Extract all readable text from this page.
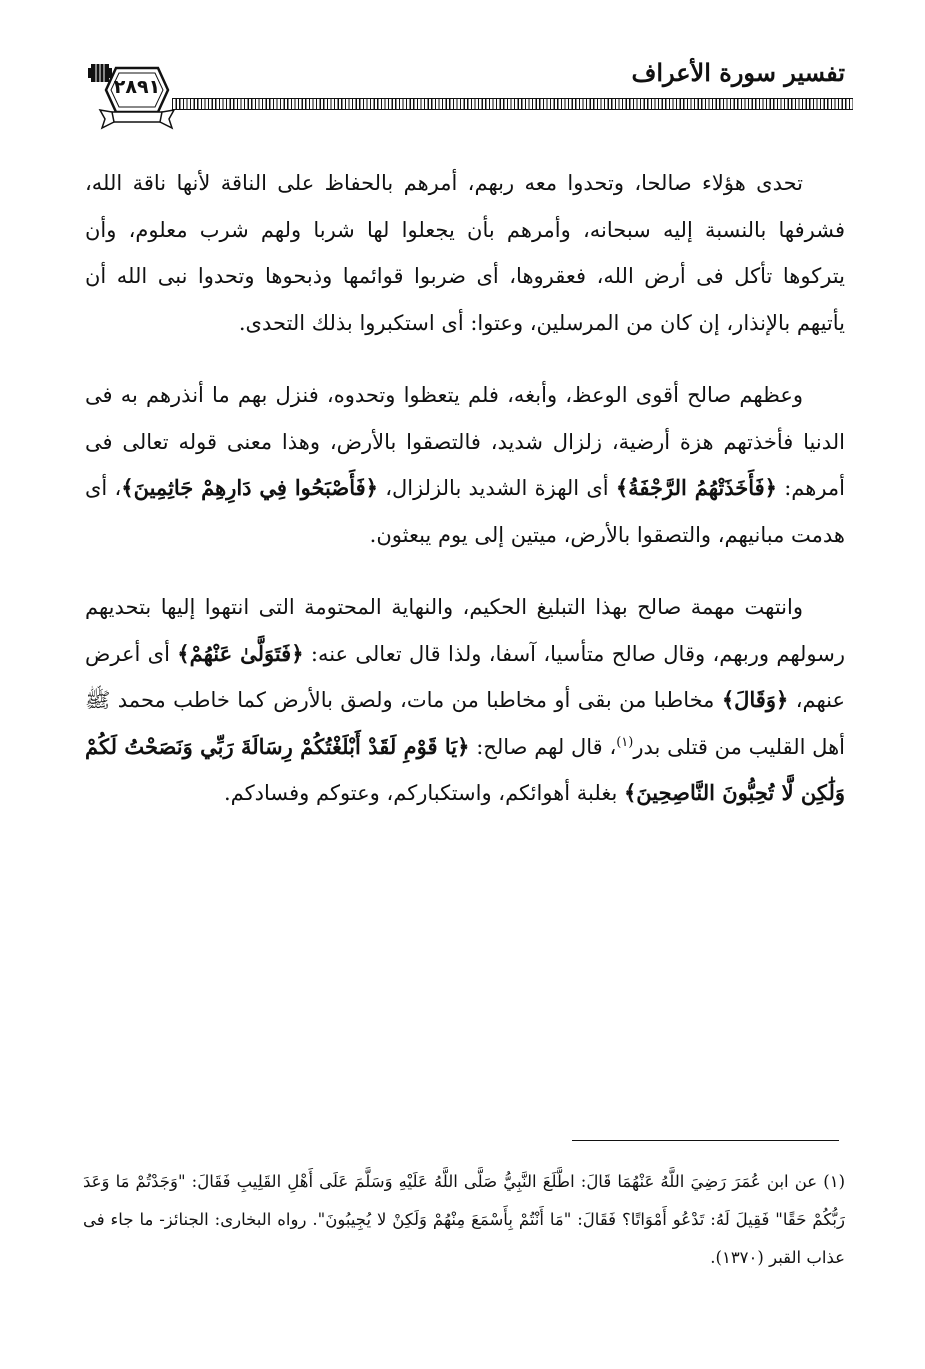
تفسير سورة الأعراف
٢٨٩١

تحدى هؤلاء صالحا، وتحدوا معه ربهم، أمرهم بالحفاظ على الناقة لأنها ناقة الله، فشرفها بالنسبة إليه سبحانه، وأمرهم بأن يجعلوا لها شربا ولهم شرب معلوم، وأن يتركوها تأكل فى أرض الله، فعقروها، أى ضربوا قوائمها وذبحوها وتحدوا نبى الله أن يأتيهم بالإنذار، إن كان من المرسلين، وعتوا: أى استكبروا بذلك التحدى.

وعظهم صالح أقوى الوعظ، وأبغه، فلم يتعظوا وتحدوه، فنزل بهم ما أنذرهم به فى الدنيا فأخذتهم هزة أرضية، زلزال شديد، فالتصقوا بالأرض، وهذا معنى قوله تعالى فى أمرهم: ﴿فَأَخَذَتْهُمُ الرَّجْفَةُ﴾ أى الهزة الشديد بالزلزال، ﴿فَأَصْبَحُوا فِي دَارِهِمْ جَاثِمِينَ﴾، أى هدمت مبانيهم، والتصقوا بالأرض، ميتين إلى يوم يبعثون.

وانتهت مهمة صالح بهذا التبليغ الحكيم، والنهاية المحتومة التى انتهوا إليها بتحديهم رسولهم وربهم، وقال صالح متأسيا، آسفا، ولذا قال تعالى عنه: ﴿فَتَوَلَّىٰ عَنْهُمْ﴾ أى أعرض عنهم، ﴿وَقَالَ﴾ مخاطبا من بقى أو مخاطبا من مات، ولصق بالأرض كما خاطب محمد ﷺ أهل القليب من قتلى بدر$^{(١)}$، قال لهم صالح: ﴿يَا قَوْمِ لَقَدْ أَبْلَغْتُكُمْ رِسَالَةَ رَبِّي وَنَصَحْتُ لَكُمْ وَلَٰكِن لَّا تُحِبُّونَ النَّاصِحِينَ﴾ بغلبة أهوائكم، واستكباركم، وعتوكم وفسادكم.

(١) عن ابن عُمَرَ رَضِيَ اللَّهُ عَنْهُمَا قَالَ: اطَّلَعَ النَّبِيُّ صَلَّى اللَّهُ عَلَيْهِ وَسَلَّمَ عَلَى أَهْلِ القَلِيبِ فَقَالَ: "وَجَدْتُمْ مَا وَعَدَ رَبُّكُمْ حَقًا" فَقِيلَ لَهُ: تَدْعُو أَمْوَاتًا؟ فَقَالَ: "مَا أَنْتُمْ بِأَسْمَعَ مِنْهُمْ وَلَكِنْ لا يُجِيبُونَ". رواه البخارى: الجنائز- ما جاء فى عذاب القبر (١٣٧٠).
